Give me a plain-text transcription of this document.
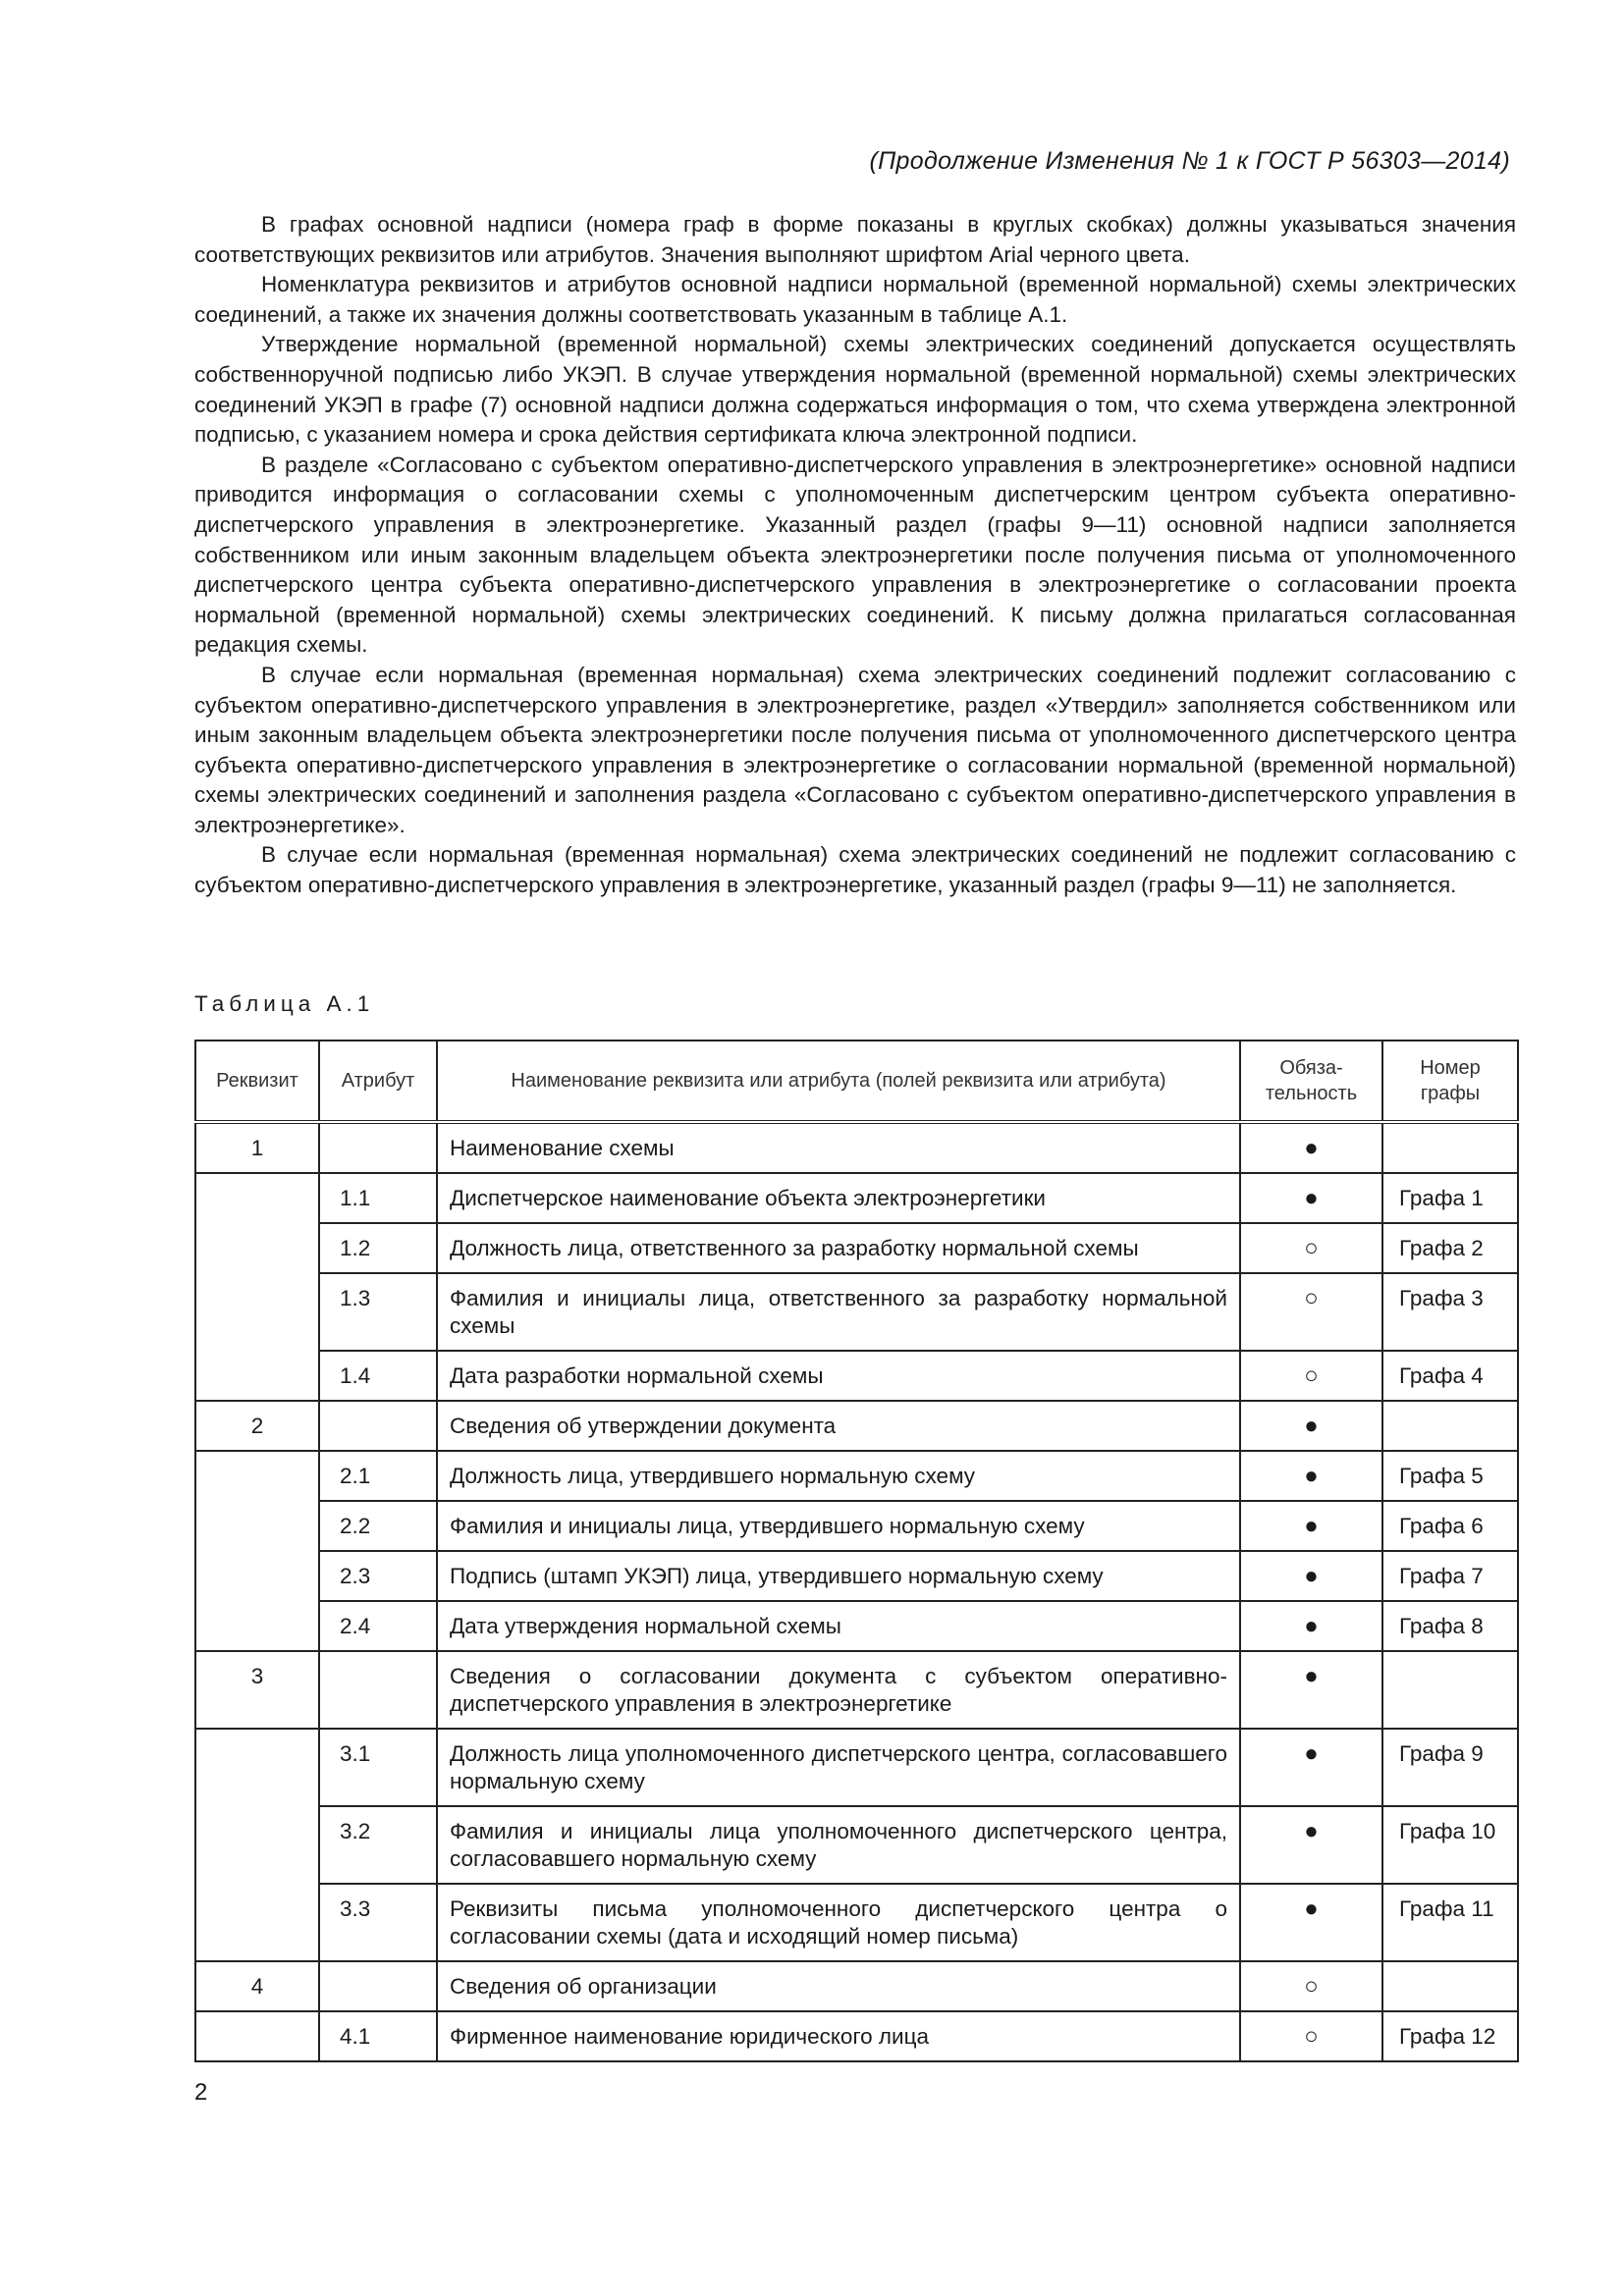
(Продолжение Изменения № 1 к ГОСТ Р 56303—2014)

В графах основной надписи (номера граф в форме показаны в круглых скобках) должны указываться значения соответствующих реквизитов или атрибутов. Значения выполняют шрифтом Arial черного цвета.

Номенклатура реквизитов и атрибутов основной надписи нормальной (временной нормальной) схемы электрических соединений, а также их значения должны соответствовать указанным в таблице А.1.

Утверждение нормальной (временной нормальной) схемы электрических соединений допускается осуществлять собственноручной подписью либо УКЭП. В случае утверждения нормальной (временной нормальной) схемы электрических соединений УКЭП в графе (7) основной надписи должна содержаться информация о том, что схема утверждена электронной подписью, с указанием номера и срока действия сертификата ключа электронной подписи.

В разделе «Согласовано с субъектом оперативно-диспетчерского управления в электроэнергетике» основной надписи приводится информация о согласовании схемы с уполномоченным диспетчерским центром субъекта оперативно-диспетчерского управления в электроэнергетике. Указанный раздел (графы 9—11) основной надписи заполняется собственником или иным законным владельцем объекта электроэнергетики после получения письма от уполномоченного диспетчерского центра субъекта оперативно-диспетчерского управления в электроэнергетике о согласовании проекта нормальной (временной нормальной) схемы электрических соединений. К письму должна прилагаться согласованная редакция схемы.

В случае если нормальная (временная нормальная) схема электрических соединений подлежит согласованию с субъектом оперативно-диспетчерского управления в электроэнергетике, раздел «Утвердил» заполняется собственником или иным законным владельцем объекта электроэнергетики после получения письма от уполномоченного диспетчерского центра субъекта оперативно-диспетчерского управления в электроэнергетике о согласовании нормальной (временной нормальной) схемы электрических соединений и заполнения раздела «Согласовано с субъектом оперативно-диспетчерского управления в электроэнергетике».

В случае если нормальная (временная нормальная) схема электрических соединений не подлежит согласованию с субъектом оперативно-диспетчерского управления в электроэнергетике, указанный раздел (графы 9—11) не заполняется.

Таблица А.1
Реквизит	Атрибут	Наименование реквизита или атрибута (полей реквизита или атрибута)	Обяза-тельность	Номер графы
1		Наименование схемы	●	
	1.1	Диспетчерское наименование объекта электроэнергетики	●	Графа 1
	1.2	Должность лица, ответственного за разработку нормальной схемы	○	Графа 2
	1.3	Фамилия и инициалы лица, ответственного за разработку нормальной схемы	○	Графа 3
	1.4	Дата разработки нормальной схемы	○	Графа 4
2		Сведения об утверждении документа	●	
	2.1	Должность лица, утвердившего нормальную схему	●	Графа 5
	2.2	Фамилия и инициалы лица, утвердившего нормальную схему	●	Графа 6
	2.3	Подпись (штамп УКЭП) лица, утвердившего нормальную схему	●	Графа 7
	2.4	Дата утверждения нормальной схемы	●	Графа 8
3		Сведения о согласовании документа с субъектом оперативно-диспетчерского управления в электроэнергетике	●	
	3.1	Должность лица уполномоченного диспетчерского центра, согласовавшего нормальную схему	●	Графа 9
	3.2	Фамилия и инициалы лица уполномоченного диспетчерского центра, согласовавшего нормальную схему	●	Графа 10
	3.3	Реквизиты письма уполномоченного диспетчерского центра о согласовании схемы (дата и исходящий номер письма)	●	Графа 11
4		Сведения об организации	○	
	4.1	Фирменное наименование юридического лица	○	Графа 12
2
